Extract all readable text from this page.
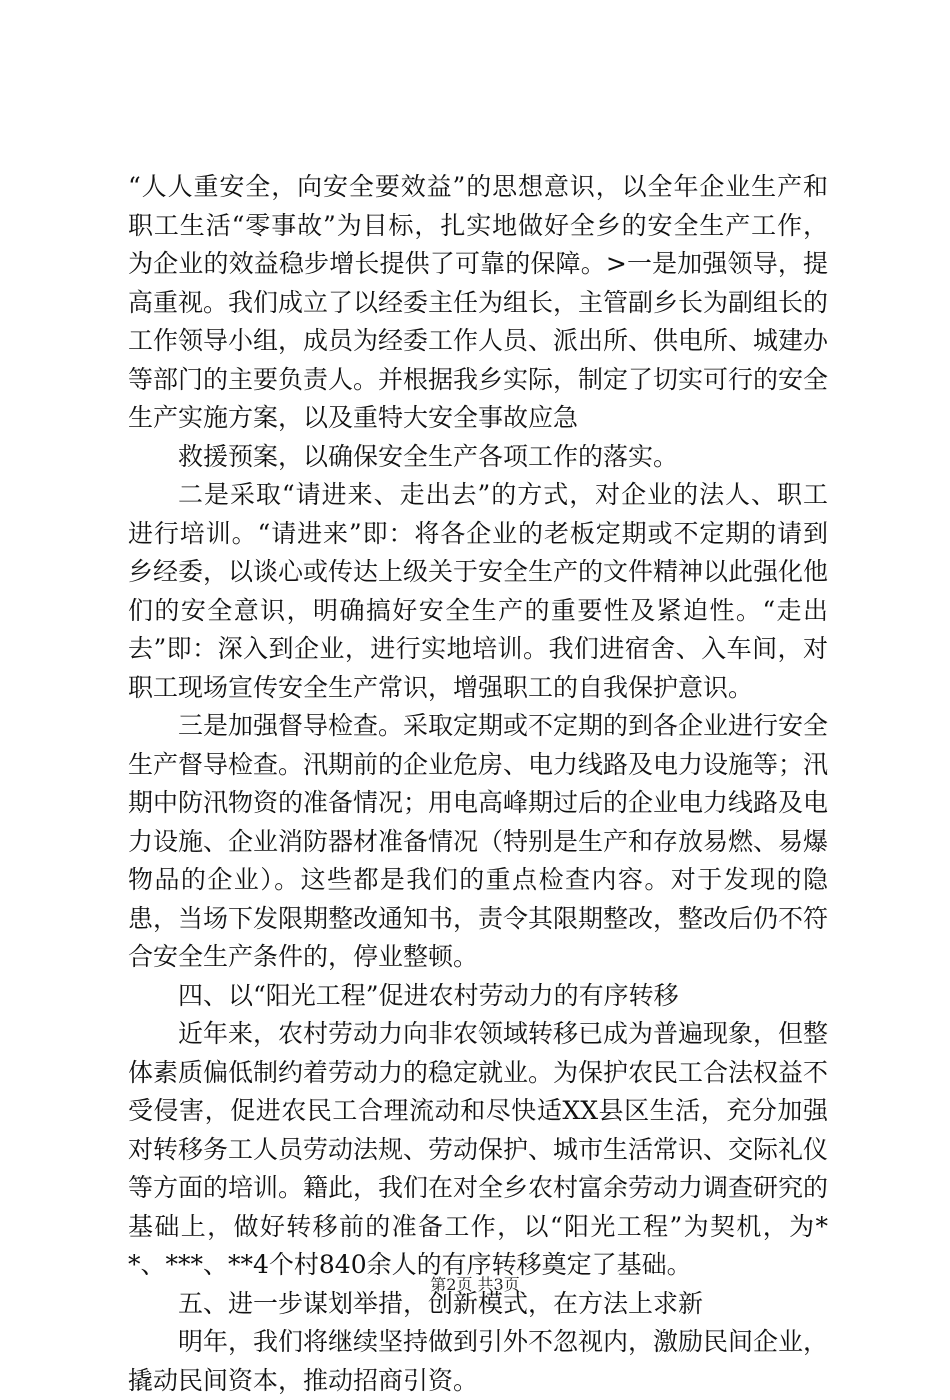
“人人重安全，向安全要效益”的思想意识，以全年企业生产和职工生活“零事故”为目标，扎实地做好全乡的安全生产工作，为企业的效益稳步增长提供了可靠的保障。>一是加强领导，提高重视。我们成立了以经委主任为组长，主管副乡长为副组长的工作领导小组，成员为经委工作人员、派出所、供电所、城建办等部门的主要负责人。并根据我乡实际，制定了切实可行的安全生产实施方案，以及重特大安全事故应急

救援预案，以确保安全生产各项工作的落实。

二是采取“请进来、走出去”的方式，对企业的法人、职工进行培训。“请进来”即：将各企业的老板定期或不定期的请到乡经委，以谈心或传达上级关于安全生产的文件精神以此强化他们的安全意识，明确搞好安全生产的重要性及紧迫性。“走出去”即：深入到企业，进行实地培训。我们进宿舍、入车间，对职工现场宣传安全生产常识，增强职工的自我保护意识。

三是加强督导检查。采取定期或不定期的到各企业进行安全生产督导检查。汛期前的企业危房、电力线路及电力设施等；汛期中防汛物资的准备情况；用电高峰期过后的企业电力线路及电力设施、企业消防器材准备情况（特别是生产和存放易燃、易爆物品的企业）。这些都是我们的重点检查内容。对于发现的隐患，当场下发限期整改通知书，责令其限期整改，整改后仍不符合安全生产条件的，停业整顿。

四、以“阳光工程”促进农村劳动力的有序转移

近年来，农村劳动力向非农领域转移已成为普遍现象，但整体素质偏低制约着劳动力的稳定就业。为保护农民工合法权益不受侵害，促进农民工合理流动和尽快适XX县区生活，充分加强对转移务工人员劳动法规、劳动保护、城市生活常识、交际礼仪等方面的培训。籍此，我们在对全乡农村富余劳动力调查研究的基础上，做好转移前的准备工作，以“阳光工程”为契机，为**、***、**4个村840余人的有序转移奠定了基础。

五、进一步谋划举措，创新模式，在方法上求新

明年，我们将继续坚持做到引外不忽视内，激励民间企业，撬动民间资本，推动招商引资。

第2页 共3页
